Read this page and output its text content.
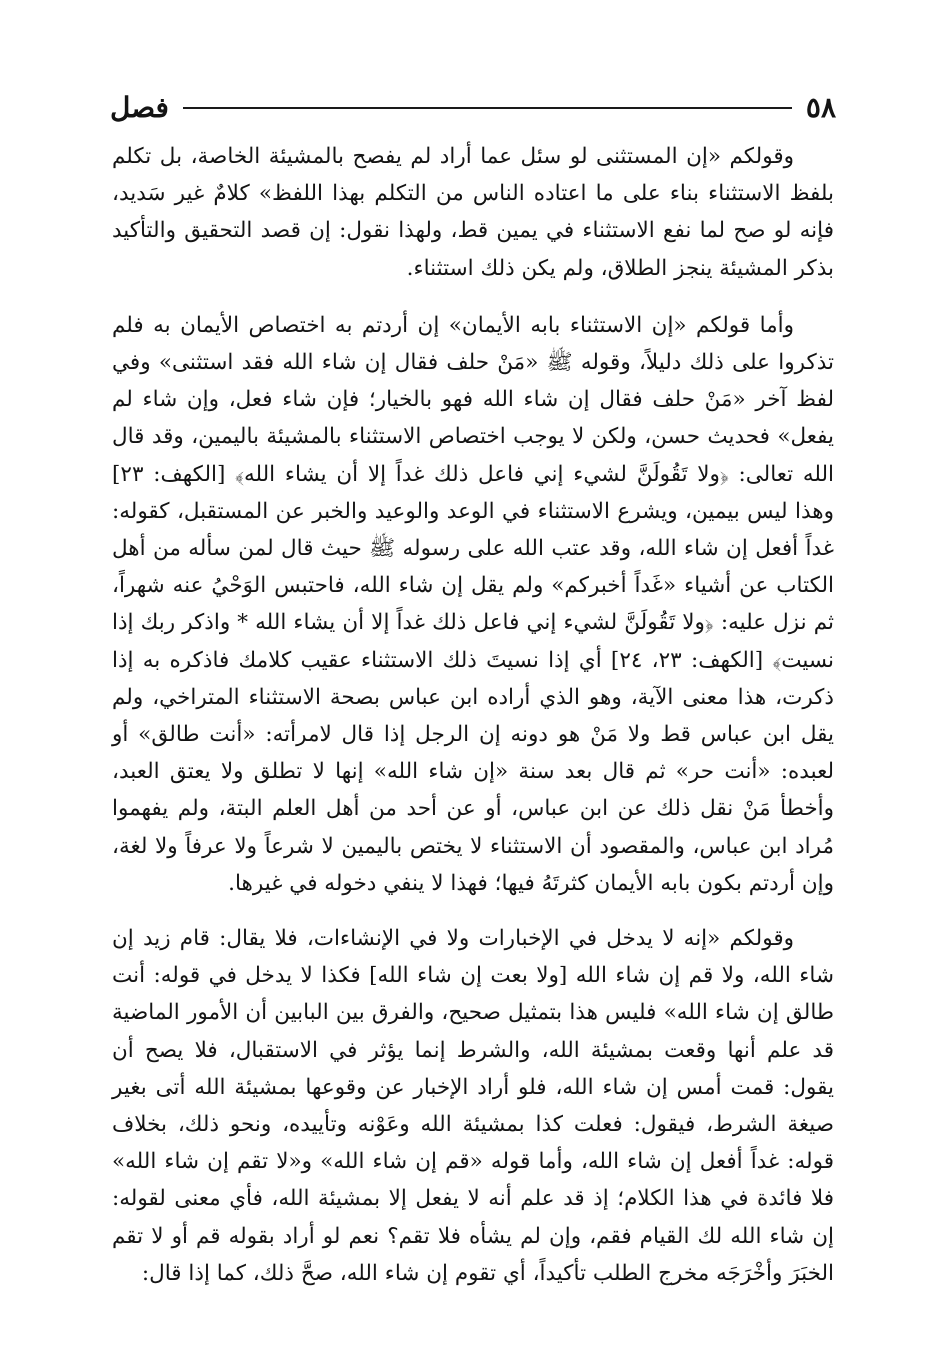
٥٨
فصل

وقولكم «إن المستثنى لو سئل عما أراد لم يفصح بالمشيئة الخاصة، بل تكلم بلفظ الاستثناء بناء على ما اعتاده الناس من التكلم بهذا اللفظ» كلامٌ غير سَديد، فإنه لو صح لما نفع الاستثناء في يمين قط، ولهذا نقول: إن قصد التحقيق والتأكيد بذكر المشيئة ينجز الطلاق، ولم يكن ذلك استثناء.

وأما قولكم «إن الاستثناء بابه الأيمان» إن أردتم به اختصاص الأيمان به فلم تذكروا على ذلك دليلاً، وقوله ﷺ «مَنْ حلف فقال إن شاء الله فقد استثنى» وفي لفظ آخر «مَنْ حلف فقال إن شاء الله فهو بالخيار؛ فإن شاء فعل، وإن شاء لم يفعل» فحديث حسن، ولكن لا يوجب اختصاص الاستثناء بالمشيئة باليمين، وقد قال الله تعالى: ﴿ولا تَقُولَنَّ لشيء إني فاعل ذلك غداً إلا أن يشاء الله﴾ [الكهف: ٢٣] وهذا ليس بيمين، ويشرع الاستثناء في الوعد والوعيد والخبر عن المستقبل، كقوله: غداً أفعل إن شاء الله، وقد عتب الله على رسوله ﷺ حيث قال لمن سأله من أهل الكتاب عن أشياء «غَداً أخبركم» ولم يقل إن شاء الله، فاحتبس الوَحْيُ عنه شهراً، ثم نزل عليه: ﴿ولا تَقُولَنَّ لشيء إني فاعل ذلك غداً إلا أن يشاء الله * واذكر ربك إذا نسيت﴾ [الكهف: ٢٣، ٢٤] أي إذا نسيتَ ذلك الاستثناء عقيب كلامك فاذكره به إذا ذكرت، هذا معنى الآية، وهو الذي أراده ابن عباس بصحة الاستثناء المتراخي، ولم يقل ابن عباس قط ولا مَنْ هو دونه إن الرجل إذا قال لامرأته: «أنت طالق» أو لعبده: «أنت حر» ثم قال بعد سنة «إن شاء الله» إنها لا تطلق ولا يعتق العبد، وأخطأ مَنْ نقل ذلك عن ابن عباس، أو عن أحد من أهل العلم البتة، ولم يفهموا مُراد ابن عباس، والمقصود أن الاستثناء لا يختص باليمين لا شرعاً ولا عرفاً ولا لغة، وإن أردتم بكون بابه الأيمان كثرتَهُ فيها؛ فهذا لا ينفي دخوله في غيرها.

وقولكم «إنه لا يدخل في الإخبارات ولا في الإنشاءات، فلا يقال: قام زيد إن شاء الله، ولا قم إن شاء الله [ولا بعت إن شاء الله] فكذا لا يدخل في قوله: أنت طالق إن شاء الله» فليس هذا بتمثيل صحيح، والفرق بين البابين أن الأمور الماضية قد علم أنها وقعت بمشيئة الله، والشرط إنما يؤثر في الاستقبال، فلا يصح أن يقول: قمت أمس إن شاء الله، فلو أراد الإخبار عن وقوعها بمشيئة الله أتى بغير صيغة الشرط، فيقول: فعلت كذا بمشيئة الله وعَوْنه وتأييده، ونحو ذلك، بخلاف قوله: غداً أفعل إن شاء الله، وأما قوله «قم إن شاء الله» و«لا تقم إن شاء الله» فلا فائدة في هذا الكلام؛ إذ قد علم أنه لا يفعل إلا بمشيئة الله، فأي معنى لقوله: إن شاء الله لك القيام فقم، وإن لم يشأه فلا تقم؟ نعم لو أراد بقوله قم أو لا تقم الخبَرَ وأخْرَجَه مخرج الطلب تأكيداً، أي تقوم إن شاء الله، صحَّ ذلك، كما إذا قال:
